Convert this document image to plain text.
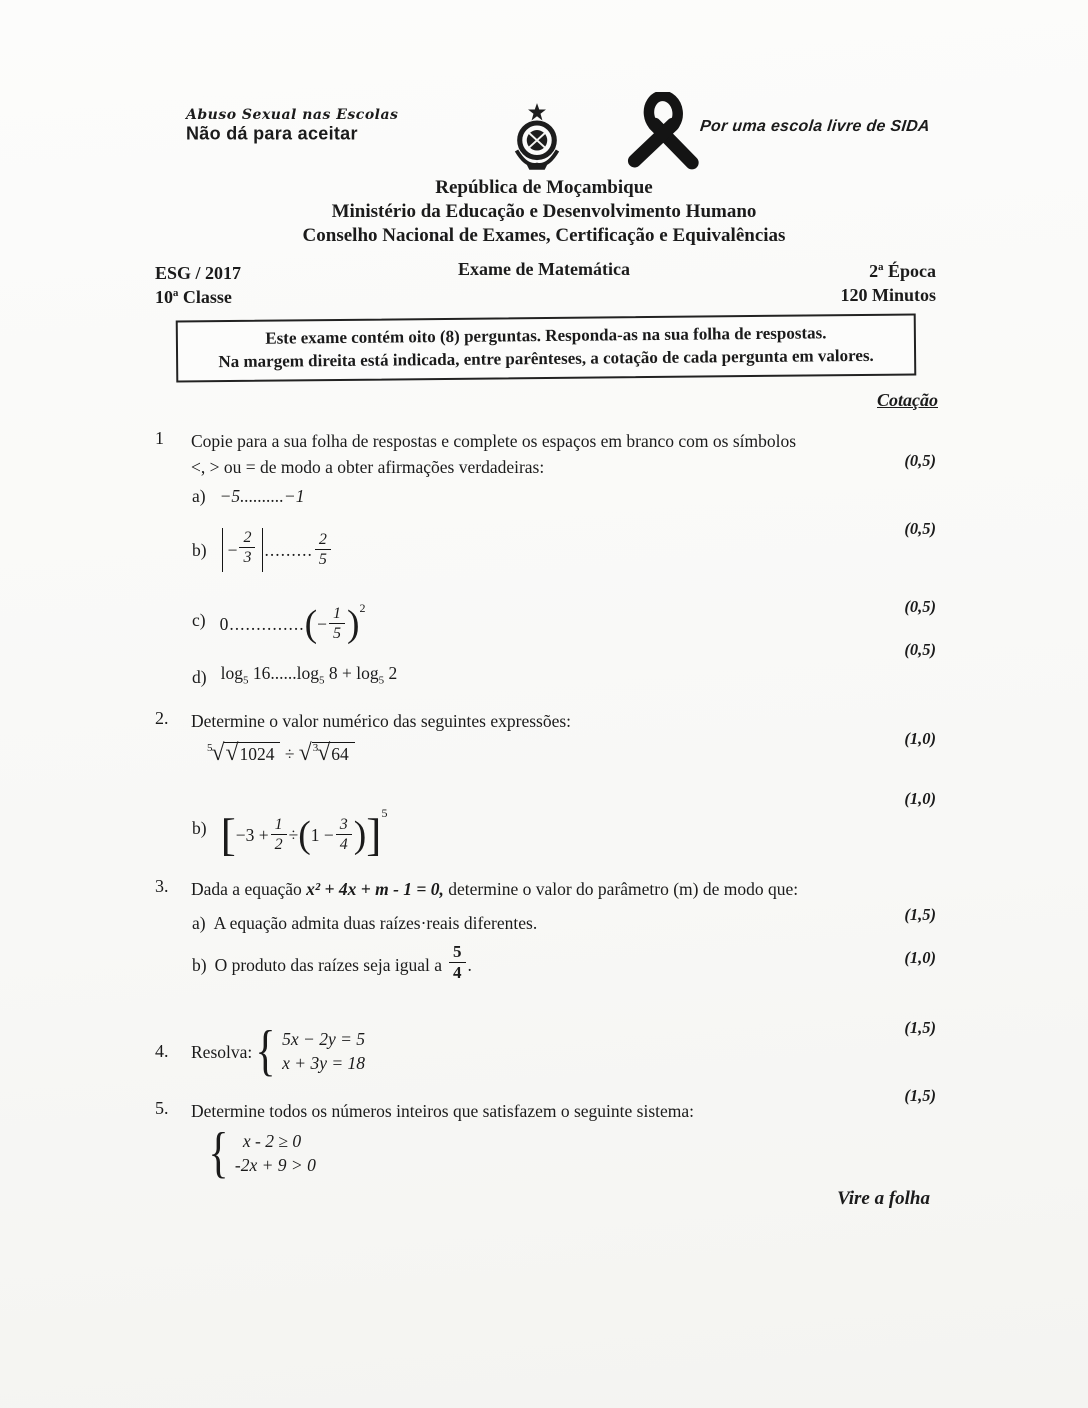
Abuso Sexual nas Escolas
Não dá para aceitar	Por uma escola livre de SIDA
República de Moçambique
Ministério da Educação e Desenvolvimento Humano
Conselho Nacional de Exames, Certificação e Equivalências
ESG / 2017
10ª Classe
Exame de Matemática	2ª Época
120 Minutos
Este exame contém oito (8) perguntas. Responda-as na sua folha de respostas.
Na margem direita está indicada, entre parênteses, a cotação de cada pergunta em valores.
Cotação
1	Copie para a sua folha de respostas e complete os espaços em branco com os símbolos
<, > ou = de modo a obter afirmações verdadeiras:	(0,5)
a) −5..........−1
(0,5)
$b) - \frac{2}{3}$ ......... $\frac{2}{5}$
(0,5)
c) $0..............(- \frac{1}{5} )^2$
(0,5)
d) $\log_5 16......\log_5$ $8 + \log_5 2$
2.	Determine o valor numérico das seguintes expressões:
(1,0)
$^5$√√1024 ÷ √$^3$√64
(1,0)
b) $[-3 + \frac{1}{2} \div(1 - \frac{3}{4} )]^5$
3.	Dada a equação x² + 4x + m - 1 = 0, determine o valor do parâmetro (m) de modo que:
(1,5)
a) A equação admita duas raízes·reais diferentes.
(1,0)
b) O produto das raízes seja igual a $\frac{5}{4}$ .
(1,5)
4.	Resolva: { 5x − 2y = 5
x + 3y = 18
(1,5)
5.	Determine todos os números inteiros que satisfazem o seguinte sistema:
{ x - 2 ≥ 0
-2x + 9 > 0
Vire a folha
